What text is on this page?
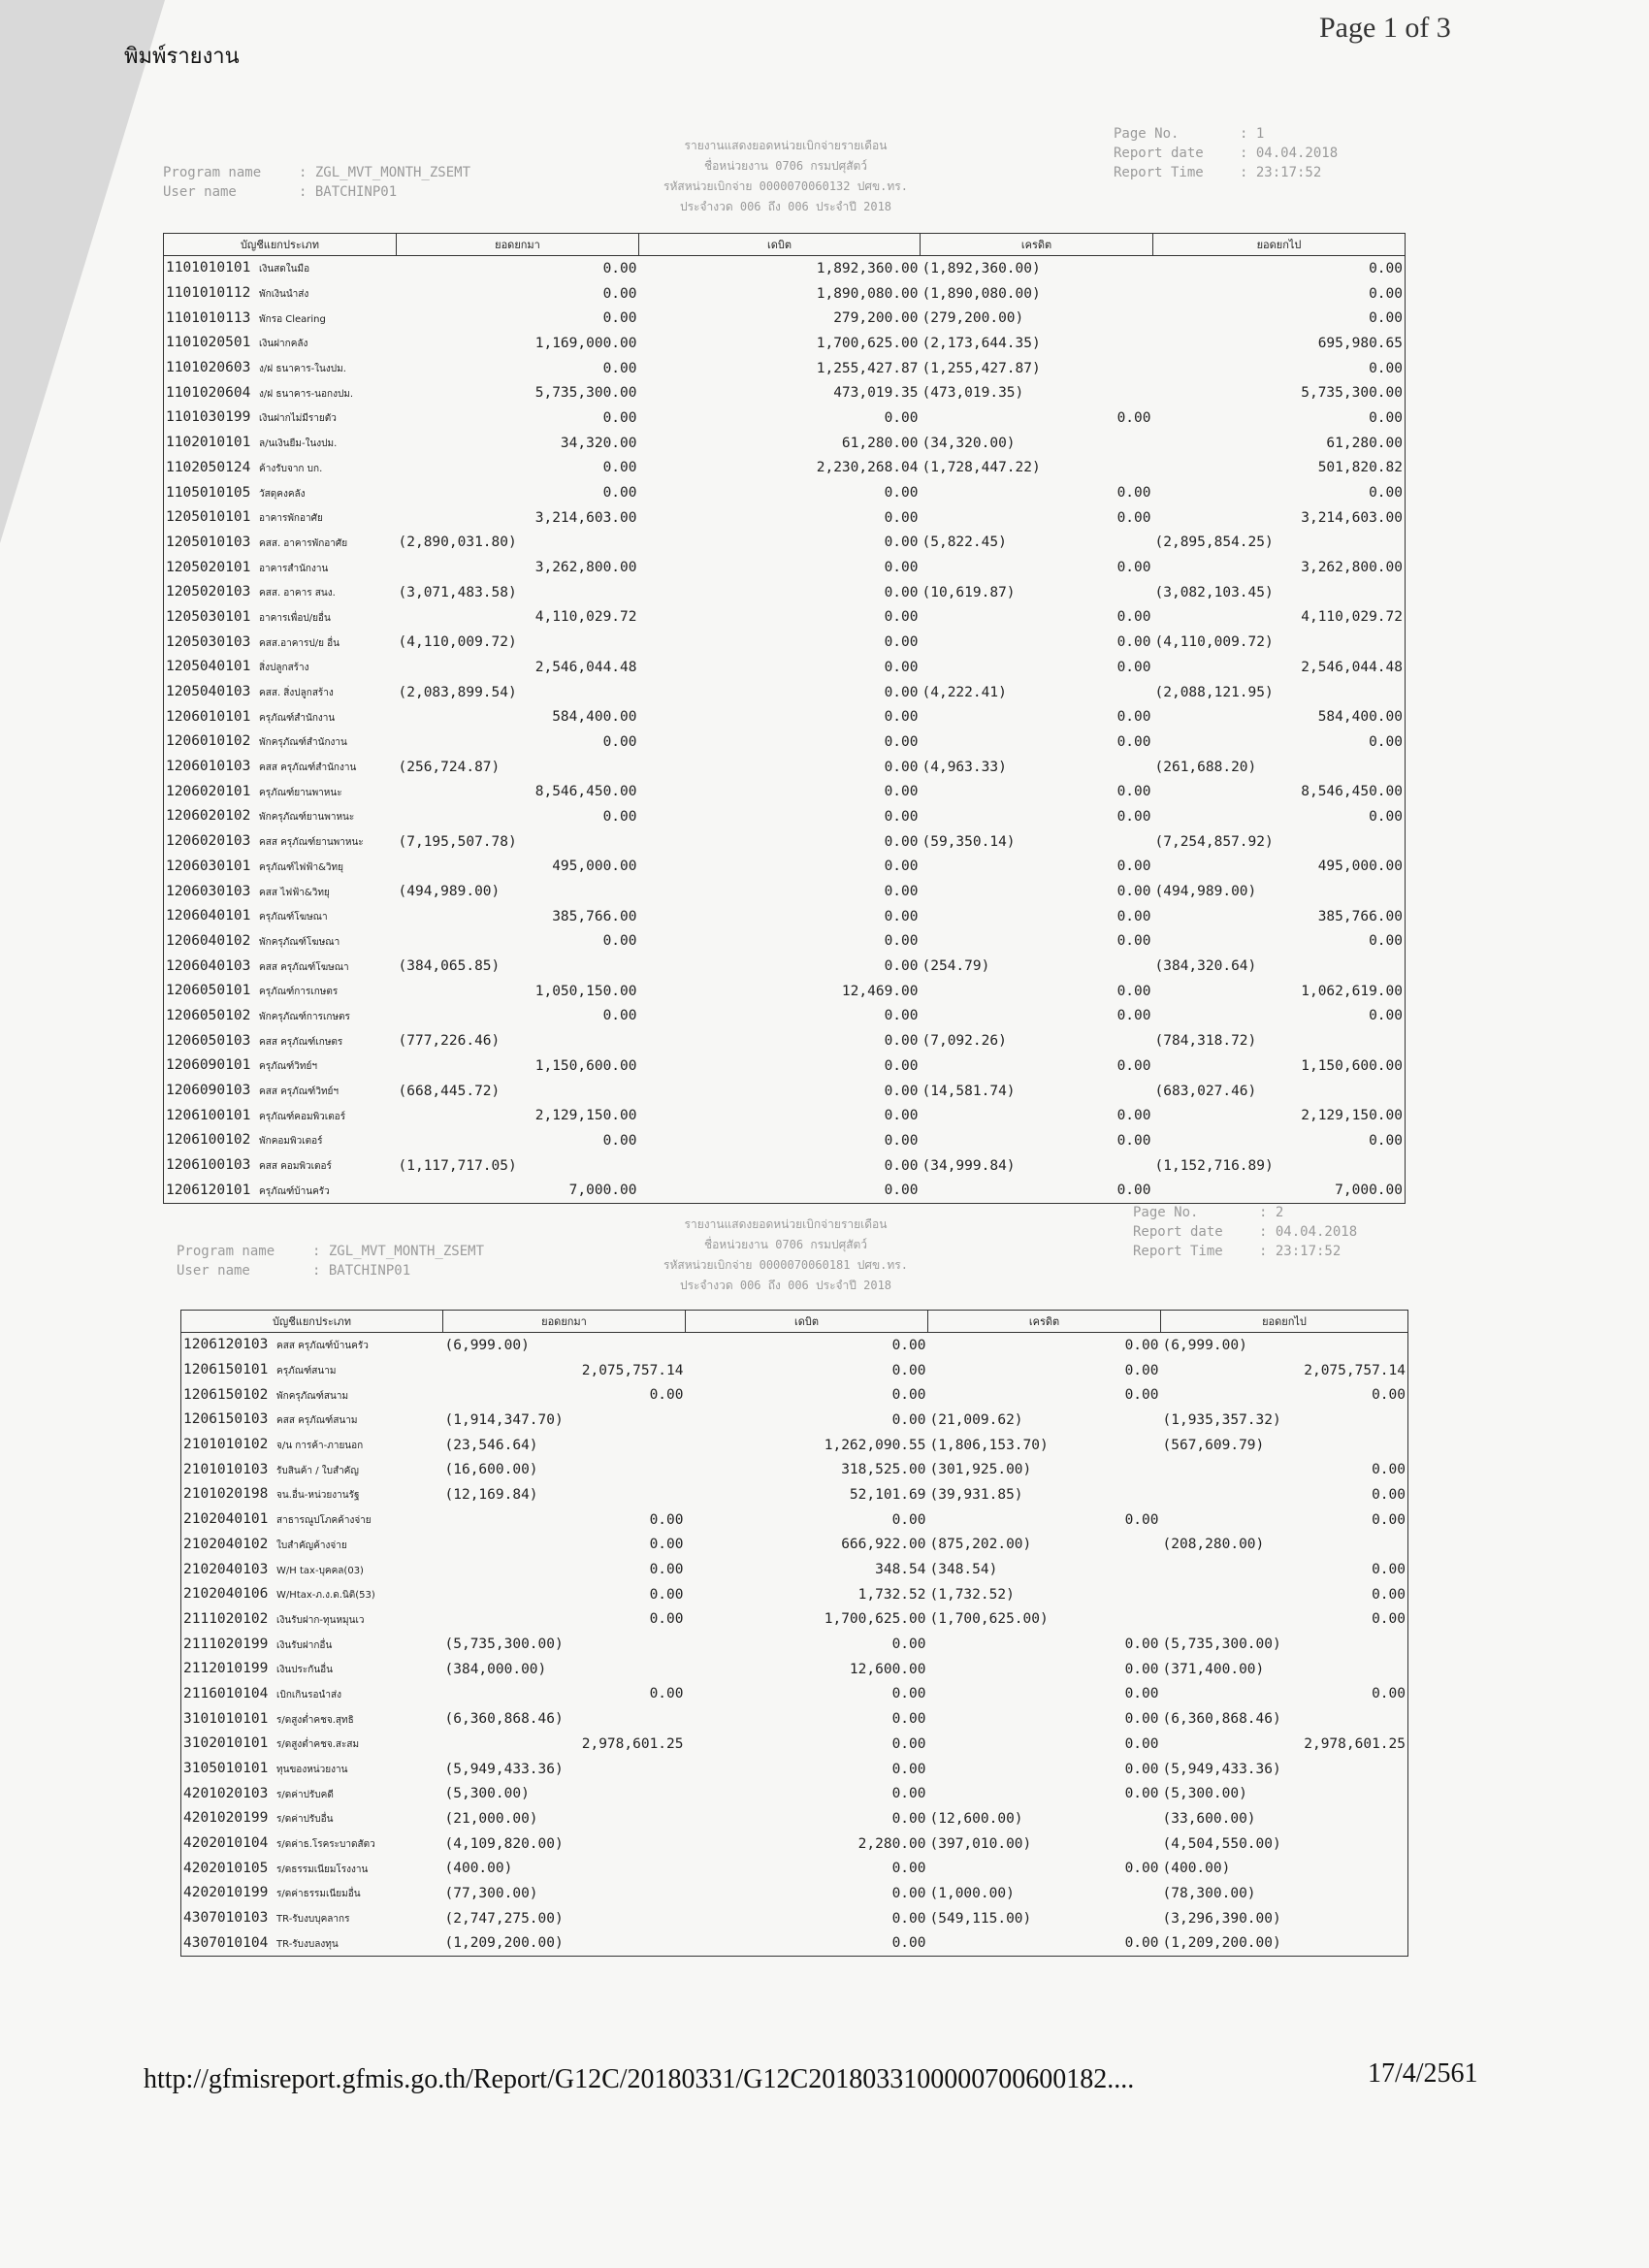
พิมพ์รายงาน
Page 1 of 3
Program name	: ZGL_MVT_MONTH_ZSEMT
User name	: BATCHINP01
รายงานแสดงยอดหน่วยเบิกจ่ายรายเดือน
ชื่อหน่วยงาน 0706 กรมปศุสัตว์
รหัสหน่วยเบิกจ่าย 0000070060132 ปศข.ทร.
ประจำงวด 006 ถึง 006 ประจำปี 2018
Page No.	: 1
Report date	: 04.04.2018
Report Time	: 23:17:52
บัญชีแยกประเภท	ยอดยกมา	เดบิต	เครดิต	ยอดยกไป
1101010101 เงินสดในมือ	0.00	1,892,360.00	(1,892,360.00)	0.00
1101010112 พักเงินนำส่ง	0.00	1,890,080.00	(1,890,080.00)	0.00
1101010113 พักรอ Clearing	0.00	279,200.00	(279,200.00)	0.00
1101020501 เงินฝากคลัง	1,169,000.00	1,700,625.00	(2,173,644.35)	695,980.65
1101020603 ง/ฝ ธนาคาร-ในงปม.	0.00	1,255,427.87	(1,255,427.87)	0.00
1101020604 ง/ฝ ธนาคาร-นอกงปม.	5,735,300.00	473,019.35	(473,019.35)	5,735,300.00
1101030199 เงินฝากไม่มีรายตัว	0.00	0.00	0.00	0.00
1102010101 ล/นเงินยืม-ในงปม.	34,320.00	61,280.00	(34,320.00)	61,280.00
1102050124 ค้างรับจาก บก.	0.00	2,230,268.04	(1,728,447.22)	501,820.82
1105010105 วัสดุคงคลัง	0.00	0.00	0.00	0.00
1205010101 อาคารพักอาศัย	3,214,603.00	0.00	0.00	3,214,603.00
1205010103 คสส. อาคารพักอาศัย	(2,890,031.80)	0.00	(5,822.45)	(2,895,854.25)
1205020101 อาคารสำนักงาน	3,262,800.00	0.00	0.00	3,262,800.00
1205020103 คสส. อาคาร สนง.	(3,071,483.58)	0.00	(10,619.87)	(3,082,103.45)
1205030101 อาคารเพื่อป/ยอื่น	4,110,029.72	0.00	0.00	4,110,029.72
1205030103 คสส.อาคารป/ย อื่น	(4,110,009.72)	0.00	0.00	(4,110,009.72)
1205040101 สิ่งปลูกสร้าง	2,546,044.48	0.00	0.00	2,546,044.48
1205040103 คสส. สิ่งปลูกสร้าง	(2,083,899.54)	0.00	(4,222.41)	(2,088,121.95)
1206010101 ครุภัณฑ์สำนักงาน	584,400.00	0.00	0.00	584,400.00
1206010102 พักครุภัณฑ์สำนักงาน	0.00	0.00	0.00	0.00
1206010103 คสส ครุภัณฑ์สำนักงาน	(256,724.87)	0.00	(4,963.33)	(261,688.20)
1206020101 ครุภัณฑ์ยานพาหนะ	8,546,450.00	0.00	0.00	8,546,450.00
1206020102 พักครุภัณฑ์ยานพาหนะ	0.00	0.00	0.00	0.00
1206020103 คสส ครุภัณฑ์ยานพาหนะ	(7,195,507.78)	0.00	(59,350.14)	(7,254,857.92)
1206030101 ครุภัณฑ์ไฟฟ้า&วิทยุ	495,000.00	0.00	0.00	495,000.00
1206030103 คสส ไฟฟ้า&วิทยุ	(494,989.00)	0.00	0.00	(494,989.00)
1206040101 ครุภัณฑ์โฆษณา	385,766.00	0.00	0.00	385,766.00
1206040102 พักครุภัณฑ์โฆษณา	0.00	0.00	0.00	0.00
1206040103 คสส ครุภัณฑ์โฆษณา	(384,065.85)	0.00	(254.79)	(384,320.64)
1206050101 ครุภัณฑ์การเกษตร	1,050,150.00	12,469.00	0.00	1,062,619.00
1206050102 พักครุภัณฑ์การเกษตร	0.00	0.00	0.00	0.00
1206050103 คสส ครุภัณฑ์เกษตร	(777,226.46)	0.00	(7,092.26)	(784,318.72)
1206090101 ครุภัณฑ์วิทย์ฯ	1,150,600.00	0.00	0.00	1,150,600.00
1206090103 คสส ครุภัณฑ์วิทย์ฯ	(668,445.72)	0.00	(14,581.74)	(683,027.46)
1206100101 ครุภัณฑ์คอมพิวเตอร์	2,129,150.00	0.00	0.00	2,129,150.00
1206100102 พักคอมพิวเตอร์	0.00	0.00	0.00	0.00
1206100103 คสส คอมพิวเตอร์	(1,117,717.05)	0.00	(34,999.84)	(1,152,716.89)
1206120101 ครุภัณฑ์บ้านครัว	7,000.00	0.00	0.00	7,000.00
Program name	: ZGL_MVT_MONTH_ZSEMT
User name	: BATCHINP01
รายงานแสดงยอดหน่วยเบิกจ่ายรายเดือน
ชื่อหน่วยงาน 0706 กรมปศุสัตว์
รหัสหน่วยเบิกจ่าย 0000070060181 ปศข.ทร.
ประจำงวด 006 ถึง 006 ประจำปี 2018
Page No.	: 2
Report date	: 04.04.2018
Report Time	: 23:17:52
บัญชีแยกประเภท	ยอดยกมา	เดบิต	เครดิต	ยอดยกไป
1206120103 คสส ครุภัณฑ์บ้านครัว	(6,999.00)	0.00	0.00	(6,999.00)
1206150101 ครุภัณฑ์สนาม	2,075,757.14	0.00	0.00	2,075,757.14
1206150102 พักครุภัณฑ์สนาม	0.00	0.00	0.00	0.00
1206150103 คสส ครุภัณฑ์สนาม	(1,914,347.70)	0.00	(21,009.62)	(1,935,357.32)
2101010102 จ/น การค้า-ภายนอก	(23,546.64)	1,262,090.55	(1,806,153.70)	(567,609.79)
2101010103 รับสินค้า / ใบสำคัญ	(16,600.00)	318,525.00	(301,925.00)	0.00
2101020198 จน.อื่น-หน่วยงานรัฐ	(12,169.84)	52,101.69	(39,931.85)	0.00
2102040101 สาธารณูปโภคค้างจ่าย	0.00	0.00	0.00	0.00
2102040102 ใบสำคัญค้างจ่าย	0.00	666,922.00	(875,202.00)	(208,280.00)
2102040103 W/H tax-บุคคล(03)	0.00	348.54	(348.54)	0.00
2102040106 W/Htax-ภ.ง.ด.นิติ(53)	0.00	1,732.52	(1,732.52)	0.00
2111020102 เงินรับฝาก-ทุนหมุนเว	0.00	1,700,625.00	(1,700,625.00)	0.00
2111020199 เงินรับฝากอื่น	(5,735,300.00)	0.00	0.00	(5,735,300.00)
2112010199 เงินประกันอื่น	(384,000.00)	12,600.00	0.00	(371,400.00)
2116010104 เบิกเกินรอนำส่ง	0.00	0.00	0.00	0.00
3101010101 ร/ดสูงต่ำคชจ.สุทธิ	(6,360,868.46)	0.00	0.00	(6,360,868.46)
3102010101 ร/ดสูงต่ำคชจ.สะสม	2,978,601.25	0.00	0.00	2,978,601.25
3105010101 ทุนของหน่วยงาน	(5,949,433.36)	0.00	0.00	(5,949,433.36)
4201020103 ร/ดค่าปรับคดี	(5,300.00)	0.00	0.00	(5,300.00)
4201020199 ร/ดค่าปรับอื่น	(21,000.00)	0.00	(12,600.00)	(33,600.00)
4202010104 ร/ดค่าธ.โรคระบาดสัตว	(4,109,820.00)	2,280.00	(397,010.00)	(4,504,550.00)
4202010105 ร/ดธรรมเนียมโรงงาน	(400.00)	0.00	0.00	(400.00)
4202010199 ร/ดค่าธรรมเนียมอื่น	(77,300.00)	0.00	(1,000.00)	(78,300.00)
4307010103 TR-รับงบบุคลากร	(2,747,275.00)	0.00	(549,115.00)	(3,296,390.00)
4307010104 TR-รับงบลงทุน	(1,209,200.00)	0.00	0.00	(1,209,200.00)
http://gfmisreport.gfmis.go.th/Report/G12C/20180331/G12C2018033100000700600182....	17/4/2561
